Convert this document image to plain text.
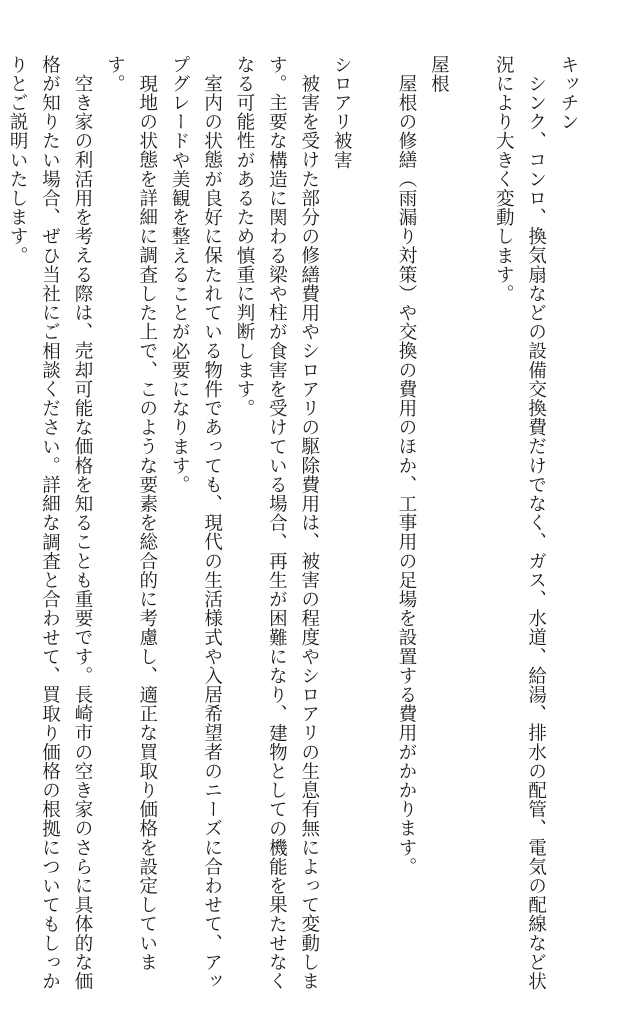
キッチン

シンク、コンロ、換気扇などの設備交換費だけでなく、ガス、水道、給湯、排水の配管、電気の配線など状況により大きく変動します。

屋根

屋根の修繕（雨漏り対策）や交換の費用のほか、工事用の足場を設置する費用がかかります。

シロアリ被害

被害を受けた部分の修繕費用やシロアリの駆除費用は、被害の程度やシロアリの生息有無によって変動します。主要な構造に関わる梁や柱が食害を受けている場合、再生が困難になり、建物としての機能を果たせなくなる可能性があるため慎重に判断します。

室内の状態が良好に保たれている物件であっても、現代の生活様式や入居希望者のニーズに合わせて、アップグレードや美観を整えることが必要になります。

現地の状態を詳細に調査した上で、このような要素を総合的に考慮し、適正な買取り価格を設定しています。

空き家の利活用を考える際は、売却可能な価格を知ることも重要です。長崎市の空き家のさらに具体的な価格が知りたい場合、ぜひ当社にご相談ください。詳細な調査と合わせて、買取り価格の根拠についてもしっかりとご説明いたします。
